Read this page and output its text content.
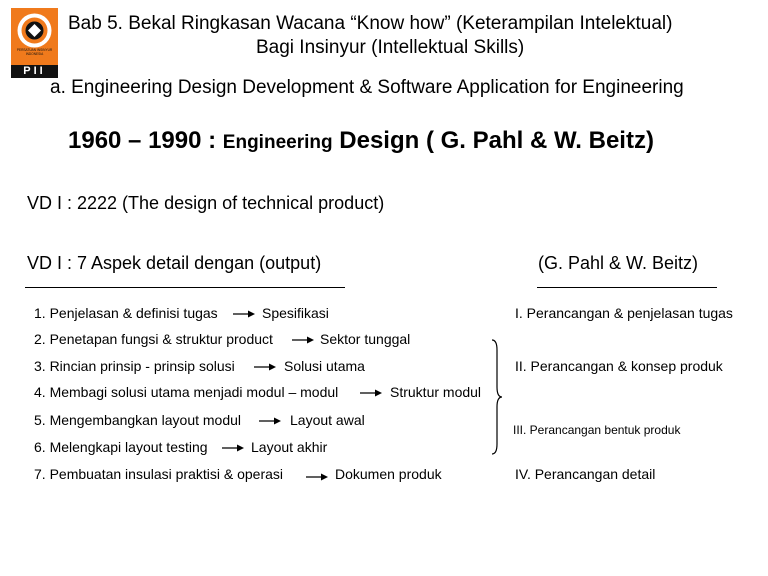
PERSATUAN INSINYUR INDONESIA
PII
Bab 5. Bekal Ringkasan Wacana “Know how” (Keterampilan Intelektual)
Bagi Insinyur (Intellektual Skills)
a. Engineering Design Development & Software Application for Engineering
1960 – 1990 : Engineering Design ( G. Pahl & W. Beitz)
VD I : 2222 (The design of technical product)
VD I : 7 Aspek detail dengan (output)	(G. Pahl & W. Beitz)
1. Penjelasan & definisi tugas	Spesifikasi
2. Penetapan fungsi & struktur product	Sektor tunggal
3. Rincian prinsip - prinsip solusi	Solusi utama
4. Membagi solusi utama menjadi modul – modul	Struktur modul
5. Mengembangkan layout modul	Layout awal
6. Melengkapi layout testing	Layout akhir
7. Pembuatan insulasi praktisi & operasi	Dokumen produk
I. Perancangan & penjelasan tugas
II. Perancangan & konsep produk
III. Perancangan bentuk produk
IV. Perancangan detail
